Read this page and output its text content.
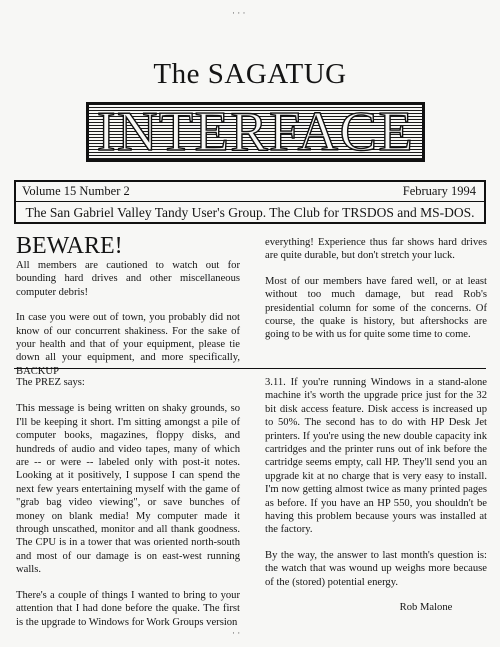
· · ·
The SAGATUG
INTERFACE
Volume 15 Number 2	February 1994
The San Gabriel Valley Tandy User's Group. The Club for TRSDOS and MS-DOS.
BEWARE!

All members are cautioned to watch out for bounding hard drives and other miscellaneous computer debris!

In case you were out of town, you probably did not know of our concurrent shakiness. For the sake of your health and that of your equipment, please tie down all your equipment, and more specifically, BACKUP

everything! Experience thus far shows hard drives are quite durable, but don't stretch your luck.

Most of our members have fared well, or at least without too much damage, but read Rob's presidential column for some of the concerns. Of course, the quake is history, but aftershocks are going to be with us for quite some time to come.

The PREZ says:

This message is being written on shaky grounds, so I'll be keeping it short. I'm sitting amongst a pile of computer books, magazines, floppy disks, and hundreds of audio and video tapes, many of which are -- or were -- labeled only with post-it notes. Looking at it positively, I suppose I can spend the next few years entertaining myself with the game of "grab bag video viewing", or save bunches of money on blank media! My computer made it through unscathed, monitor and all thank goodness. The CPU is in a tower that was oriented north-south and most of our damage is on east-west running walls.

There's a couple of things I wanted to bring to your attention that I had done before the quake. The first is the upgrade to Windows for Work Groups version

3.11. If you're running Windows in a stand-alone machine it's worth the upgrade price just for the 32 bit disk access feature. Disk access is increased up to 50%. The second has to do with HP Desk Jet printers. If you're using the new double capacity ink cartridges and the printer runs out of ink before the cartridge seems empty, call HP. They'll send you an upgrade kit at no charge that is very easy to install. I'm now getting almost twice as many printed pages as before. If you have an HP 550, you shouldn't be having this problem because yours was installed at the factory.

By the way, the answer to last month's question is: the watch that was wound up weighs more because of the (stored) potential energy.

Rob Malone

· ·
